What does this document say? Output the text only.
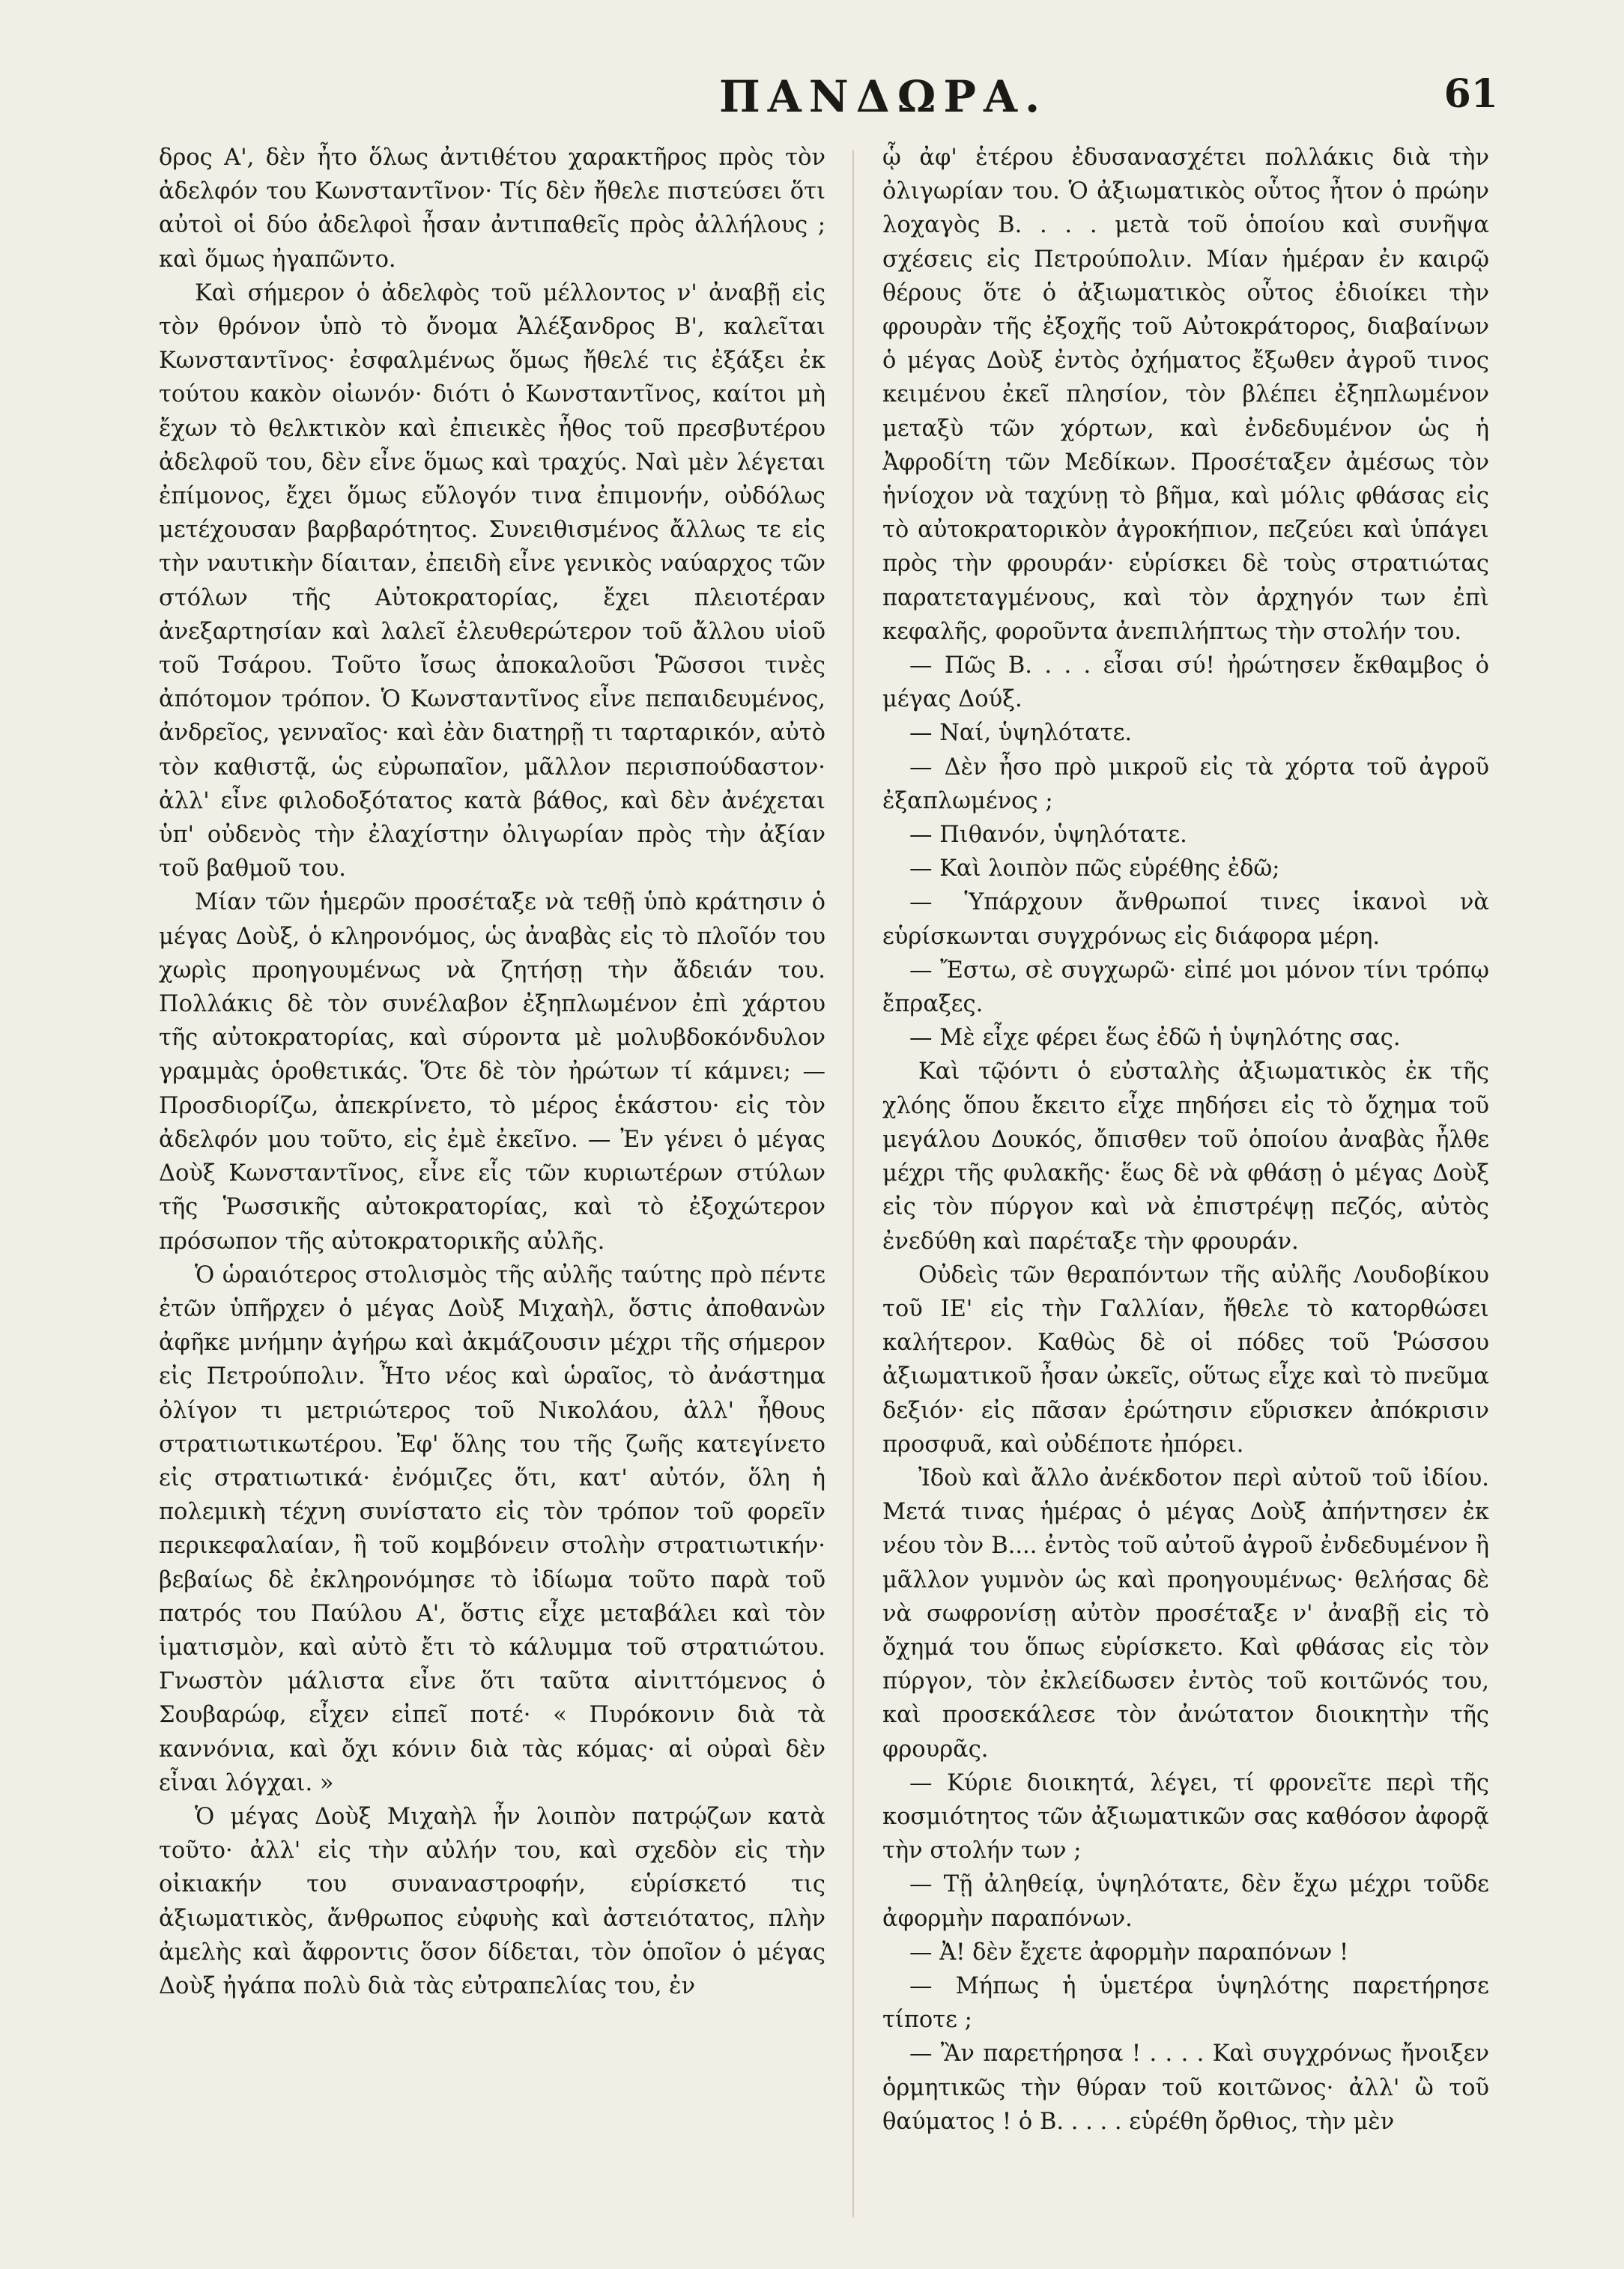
ΠΑΝΔΩΡΑ.	61

δρος Α', δὲν ἦτο ὅλως ἀντιθέτου χαρακτῆρος πρὸς τὸν ἀδελφόν του Κωνσταντῖνον· Τίς δὲν ἤθελε πιστεύσει ὅτι αὐτοὶ οἱ δύο ἀδελφοὶ ἦσαν ἀντιπαθεῖς πρὸς ἀλλήλους ; καὶ ὅμως ἠγαπῶντο.

Καὶ σήμερον ὁ ἀδελφὸς τοῦ μέλλοντος ν' ἀναβῇ εἰς τὸν θρόνον ὑπὸ τὸ ὄνομα Ἀλέξανδρος Β', καλεῖται Κωνσταντῖνος· ἐσφαλμένως ὅμως ἤθελέ τις ἐξάξει ἐκ τούτου κακὸν οἰωνόν· διότι ὁ Κωνσταντῖνος, καίτοι μὴ ἔχων τὸ θελκτικὸν καὶ ἐπιεικὲς ἦθος τοῦ πρεσβυτέρου ἀδελφοῦ του, δὲν εἶνε ὅμως καὶ τραχύς. Ναὶ μὲν λέγεται ἐπίμονος, ἔχει ὅμως εὔλογόν τινα ἐπιμονήν, οὐδόλως μετέχουσαν βαρβαρότητος. Συνειθισμένος ἄλλως τε εἰς τὴν ναυτικὴν δίαιταν, ἐπειδὴ εἶνε γενικὸς ναύαρχος τῶν στόλων τῆς Αὐτοκρατορίας, ἔχει πλειοτέραν ἀνεξαρτησίαν καὶ λαλεῖ ἐλευθερώτερον τοῦ ἄλλου υἱοῦ τοῦ Τσάρου. Τοῦτο ἴσως ἀποκαλοῦσι Ῥῶσσοι τινὲς ἀπότομον τρόπον. Ὁ Κωνσταντῖνος εἶνε πεπαιδευμένος, ἀνδρεῖος, γενναῖος· καὶ ἐὰν διατηρῇ τι ταρταρικόν, αὐτὸ τὸν καθιστᾷ, ὡς εὐρωπαῖον, μᾶλλον περισπούδαστον· ἀλλ' εἶνε φιλοδοξότατος κατὰ βάθος, καὶ δὲν ἀνέχεται ὑπ' οὐδενὸς τὴν ἐλαχίστην ὀλιγωρίαν πρὸς τὴν ἀξίαν τοῦ βαθμοῦ του.

Μίαν τῶν ἡμερῶν προσέταξε νὰ τεθῇ ὑπὸ κράτησιν ὁ μέγας Δοὺξ, ὁ κληρονόμος, ὡς ἀναβὰς εἰς τὸ πλοῖόν του χωρὶς προηγουμένως νὰ ζητήσῃ τὴν ἄδειάν του. Πολλάκις δὲ τὸν συνέλαβον ἐξηπλωμένον ἐπὶ χάρτου τῆς αὐτοκρατορίας, καὶ σύροντα μὲ μολυβδοκόνδυλον γραμμὰς ὁροθετικάς. Ὅτε δὲ τὸν ἠρώτων τί κάμνει; — Προσδιορίζω, ἀπεκρίνετο, τὸ μέρος ἑκάστου· εἰς τὸν ἀδελφόν μου τοῦτο, εἰς ἐμὲ ἐκεῖνο. — Ἐν γένει ὁ μέγας Δοὺξ Κωνσταντῖνος, εἶνε εἷς τῶν κυριωτέρων στύλων τῆς Ῥωσσικῆς αὐτοκρατορίας, καὶ τὸ ἐξοχώτερον πρόσωπον τῆς αὐτοκρατορικῆς αὐλῆς.

Ὁ ὡραιότερος στολισμὸς τῆς αὐλῆς ταύτης πρὸ πέντε ἐτῶν ὑπῆρχεν ὁ μέγας Δοὺξ Μιχαὴλ, ὅστις ἀποθανὼν ἀφῆκε μνήμην ἀγήρω καὶ ἀκμάζουσιν μέχρι τῆς σήμερον εἰς Πετρούπολιν. Ἦτο νέος καὶ ὡραῖος, τὸ ἀνάστημα ὀλίγον τι μετριώτερος τοῦ Νικολάου, ἀλλ' ἦθους στρατιωτικωτέρου. Ἐφ' ὅλης του τῆς ζωῆς κατεγίνετο εἰς στρατιωτικά· ἐνόμιζες ὅτι, κατ' αὐτόν, ὅλη ἡ πολεμικὴ τέχνη συνίστατο εἰς τὸν τρόπον τοῦ φορεῖν περικεφαλαίαν, ἢ τοῦ κομβόνειν στολὴν στρατιωτικήν· βεβαίως δὲ ἐκληρονόμησε τὸ ἰδίωμα τοῦτο παρὰ τοῦ πατρός του Παύλου Α', ὅστις εἶχε μεταβάλει καὶ τὸν ἱματισμὸν, καὶ αὐτὸ ἔτι τὸ κάλυμμα τοῦ στρατιώτου. Γνωστὸν μάλιστα εἶνε ὅτι ταῦτα αἰνιττόμενος ὁ Σουβαρώφ, εἶχεν εἰπεῖ ποτέ· « Πυρόκονιν διὰ τὰ καννόνια, καὶ ὄχι κόνιν διὰ τὰς κόμας· αἱ οὐραὶ δὲν εἶναι λόγχαι. »

Ὁ μέγας Δοὺξ Μιχαὴλ ἦν λοιπὸν πατρῴζων κατὰ τοῦτο· ἀλλ' εἰς τὴν αὐλήν του, καὶ σχεδὸν εἰς τὴν οἰκιακήν του συναναστροφήν, εὑρίσκετό τις ἀξιωματικὸς, ἄνθρωπος εὐφυὴς καὶ ἀστειότατος, πλὴν ἀμελὴς καὶ ἄφροντις ὅσον δίδεται, τὸν ὁποῖον ὁ μέγας Δοὺξ ἠγάπα πολὺ διὰ τὰς εὐτραπελίας του, ἐν

ᾧ ἀφ' ἑτέρου ἐδυσανασχέτει πολλάκις διὰ τὴν ὀλιγωρίαν του. Ὁ ἀξιωματικὸς οὗτος ἦτον ὁ πρώην λοχαγὸς Β. . . . μετὰ τοῦ ὁποίου καὶ συνῆψα σχέσεις εἰς Πετρούπολιν. Μίαν ἡμέραν ἐν καιρῷ θέρους ὅτε ὁ ἀξιωματικὸς οὗτος ἐδιοίκει τὴν φρουρὰν τῆς ἐξοχῆς τοῦ Αὐτοκράτορος, διαβαίνων ὁ μέγας Δοὺξ ἐντὸς ὀχήματος ἔξωθεν ἀγροῦ τινος κειμένου ἐκεῖ πλησίον, τὸν βλέπει ἐξηπλωμένον μεταξὺ τῶν χόρτων, καὶ ἐνδεδυμένον ὡς ἡ Ἀφροδίτη τῶν Μεδίκων. Προσέταξεν ἀμέσως τὸν ἡνίοχον νὰ ταχύνῃ τὸ βῆμα, καὶ μόλις φθάσας εἰς τὸ αὐτοκρατορικὸν ἀγροκήπιον, πεζεύει καὶ ὑπάγει πρὸς τὴν φρουράν· εὑρίσκει δὲ τοὺς στρατιώτας παρατεταγμένους, καὶ τὸν ἀρχηγόν των ἐπὶ κεφαλῆς, φοροῦντα ἀνεπιλήπτως τὴν στολήν του.

— Πῶς Β. . . . εἶσαι σύ! ἠρώτησεν ἔκθαμβος ὁ μέγας Δούξ.

— Ναί, ὑψηλότατε.

— Δὲν ἦσο πρὸ μικροῦ εἰς τὰ χόρτα τοῦ ἀγροῦ ἐξαπλωμένος ;

— Πιθανόν, ὑψηλότατε.

— Καὶ λοιπὸν πῶς εὑρέθης ἐδῶ;

— Ὑπάρχουν ἄνθρωποί τινες ἱκανοὶ νὰ εὑρίσκωνται συγχρόνως εἰς διάφορα μέρη.

— Ἔστω, σὲ συγχωρῶ· εἰπέ μοι μόνον τίνι τρόπῳ ἔπραξες.

— Μὲ εἶχε φέρει ἕως ἐδῶ ἡ ὑψηλότης σας.

Καὶ τῷόντι ὁ εὐσταλὴς ἀξιωματικὸς ἐκ τῆς χλόης ὅπου ἔκειτο εἶχε πηδήσει εἰς τὸ ὄχημα τοῦ μεγάλου Δουκός, ὄπισθεν τοῦ ὁποίου ἀναβὰς ἦλθε μέχρι τῆς φυλακῆς· ἕως δὲ νὰ φθάσῃ ὁ μέγας Δοὺξ εἰς τὸν πύργον καὶ νὰ ἐπιστρέψῃ πεζός, αὐτὸς ἐνεδύθη καὶ παρέταξε τὴν φρουράν.

Οὐδεὶς τῶν θεραπόντων τῆς αὐλῆς Λουδοβίκου τοῦ ΙΕ' εἰς τὴν Γαλλίαν, ἤθελε τὸ κατορθώσει καλήτερον. Καθὼς δὲ οἱ πόδες τοῦ Ῥώσσου ἀξιωματικοῦ ἦσαν ὠκεῖς, οὕτως εἶχε καὶ τὸ πνεῦμα δεξιόν· εἰς πᾶσαν ἐρώτησιν εὕρισκεν ἀπόκρισιν προσφυᾶ, καὶ οὐδέποτε ἠπόρει.

Ἰδοὺ καὶ ἄλλο ἀνέκδοτον περὶ αὐτοῦ τοῦ ἰδίου. Μετά τινας ἡμέρας ὁ μέγας Δοὺξ ἀπήντησεν ἐκ νέου τὸν Β.... ἐντὸς τοῦ αὐτοῦ ἀγροῦ ἐνδεδυμένον ἢ μᾶλλον γυμνὸν ὡς καὶ προηγουμένως· θελήσας δὲ νὰ σωφρονίσῃ αὐτὸν προσέταξε ν' ἀναβῇ εἰς τὸ ὄχημά του ὅπως εὑρίσκετο. Καὶ φθάσας εἰς τὸν πύργον, τὸν ἐκλείδωσεν ἐντὸς τοῦ κοιτῶνός του, καὶ προσεκάλεσε τὸν ἀνώτατον διοικητὴν τῆς φρουρᾶς.

— Κύριε διοικητά, λέγει, τί φρονεῖτε περὶ τῆς κοσμιότητος τῶν ἀξιωματικῶν σας καθόσον ἀφορᾷ τὴν στολήν των ;

— Τῇ ἀληθείᾳ, ὑψηλότατε, δὲν ἔχω μέχρι τοῦδε ἀφορμὴν παραπόνων.

— Ἀ! δὲν ἔχετε ἀφορμὴν παραπόνων !

— Μήπως ἡ ὑμετέρα ὑψηλότης παρετήρησε τίποτε ;

— Ἂν παρετήρησα ! . . . . Καὶ συγχρόνως ἤνοιξεν ὁρμητικῶς τὴν θύραν τοῦ κοιτῶνος· ἀλλ' ὢ τοῦ θαύματος ! ὁ Β. . . . . εὑρέθη ὄρθιος, τὴν μὲν
